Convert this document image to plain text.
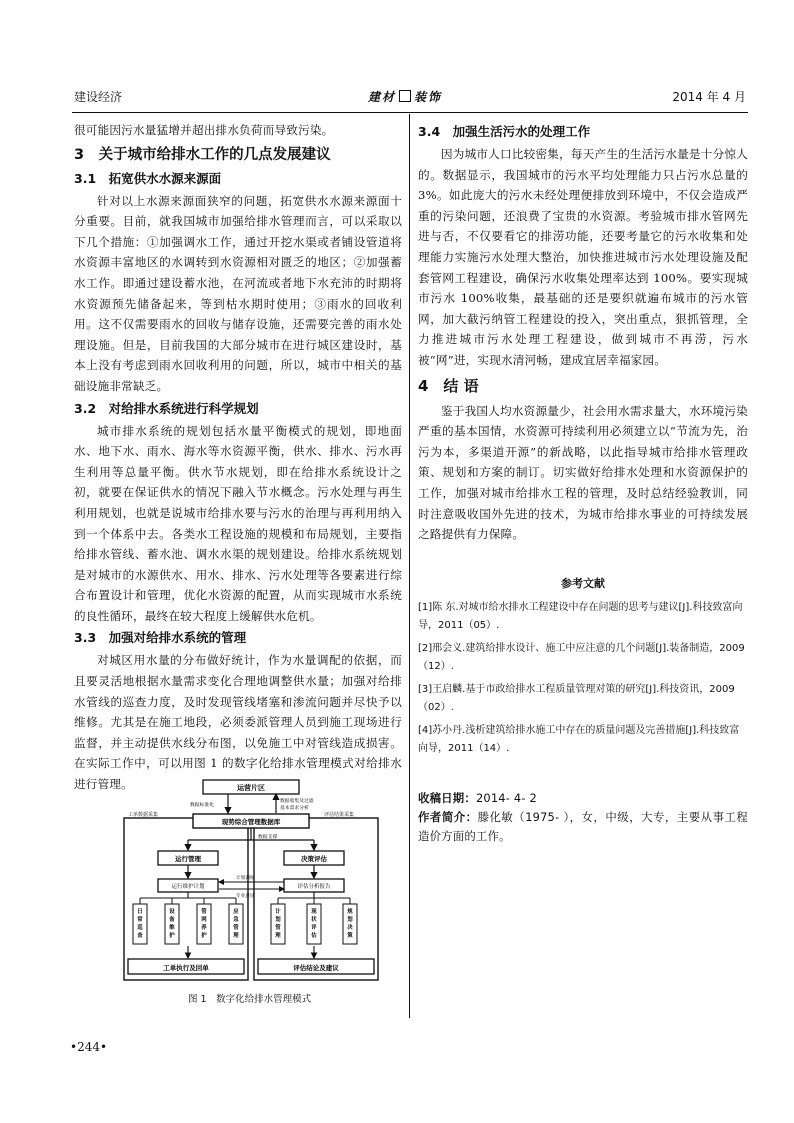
建设经济	建材 装饰	2014 年 4 月

很可能因污水量猛增并超出排水负荷而导致污染。

3　关于城市给排水工作的几点发展建议
3.1　拓宽供水水源来源面

针对以上水源来源面狭窄的问题，拓宽供水水源来源面十分重要。目前，就我国城市加强给排水管理而言，可以采取以下几个措施：①加强调水工作，通过开挖水渠或者铺设管道将水资源丰富地区的水调转到水资源相对匮乏的地区；②加强蓄水工作。即通过建设蓄水池，在河流或者地下水充沛的时期将水资源预先储备起来，等到枯水期时使用；③雨水的回收利用。这不仅需要雨水的回收与储存设施，还需要完善的雨水处理设施。但是，目前我国的大部分城市在进行城区建设时，基本上没有考虑到雨水回收利用的问题，所以，城市中相关的基础设施非常缺乏。

3.2　对给排水系统进行科学规划

城市排水系统的规划包括水量平衡模式的规划，即地面水、地下水、雨水、海水等水资源平衡，供水、排水、污水再生利用等总量平衡。供水节水规划，即在给排水系统设计之初，就要在保证供水的情况下融入节水概念。污水处理与再生利用规划，也就是说城市给排水要与污水的治理与再利用纳入到一个体系中去。各类水工程设施的规模和布局规划，主要指给排水管线、蓄水池、调水水渠的规划建设。给排水系统规划是对城市的水源供水、用水、排水、污水处理等各要素进行综合布置设计和管理，优化水资源的配置，从而实现城市水系统的良性循环，最终在较大程度上缓解供水危机。

3.3　加强对给排水系统的管理

对城区用水量的分布做好统计，作为水量调配的依据，而且要灵活地根据水量需求变化合理地调整供水量；加强对给排水管线的巡查力度，及时发现管线堵塞和渗流问题并尽快予以维修。尤其是在施工地段，必须委派管理人员到施工现场进行监督，并主动提供水线分布图，以免施工中对管线造成损害。在实际工作中，可以用图 1 的数字化给排水管理模式对给排水进行管理。

工单数据采集	评估结果采集
运营片区
数据标准化
数据收集及过滤
基本需求分析
现势综合管理数据库
数据支撑
运行管理	决策评估
运行维护计划	评估分析报告
计划调度
专业意见
日常巡查
设备维护
管网养护
应急管理
计划管理
现状评估
规划决策
工单执行及回单	评估结论及建议
图 1　数字化给排水管理模式
3.4　加强生活污水的处理工作

因为城市人口比较密集，每天产生的生活污水量是十分惊人的。数据显示，我国城市的污水平均处理能力只占污水总量的 3%。如此庞大的污水未经处理便排放到环境中，不仅会造成严重的污染问题，还浪费了宝贵的水资源。考验城市排水管网先进与否，不仅要看它的排涝功能，还要考量它的污水收集和处理能力实施污水处理大整治，加快推进城市污水处理设施及配套管网工程建设，确保污水收集处理率达到 100%。要实现城市污水 100%收集，最基础的还是要织就遍布城市的污水管网，加大截污纳管工程建设的投入，突出重点，狠抓管理，全力推进城市污水处理工程建设，做到城市不再涝，污水被“网”进，实现水清河畅，建成宜居幸福家园。

4　结 语

鉴于我国人均水资源量少，社会用水需求量大，水环境污染严重的基本国情，水资源可持续利用必须建立以“节流为先，治污为本，多渠道开源”的新战略，以此指导城市给排水管理政策、规划和方案的制订。切实做好给排水处理和水资源保护的工作，加强对城市给排水工程的管理，及时总结经验教训，同时注意吸收国外先进的技术，为城市给排水事业的可持续发展之路提供有力保障。

参考文献
[1]陈 东.对城市给水排水工程建设中存在问题的思考与建议[J].科技致富向导，2011（05）.
[2]邢会义.建筑给排水设计、施工中应注意的几个问题[J].装备制造，2009（12）.
[3]王启麟.基于市政给排水工程质量管理对策的研究[J].科技资讯，2009（02）.
[4]苏小丹.浅析建筑给排水施工中存在的质量问题及完善措施[J].科技致富向导，2011（14）.

收稿日期：2014- 4- 2

作者简介：滕化敏（1975- ），女，中级，大专，主要从事工程造价方面的工作。

•244•
